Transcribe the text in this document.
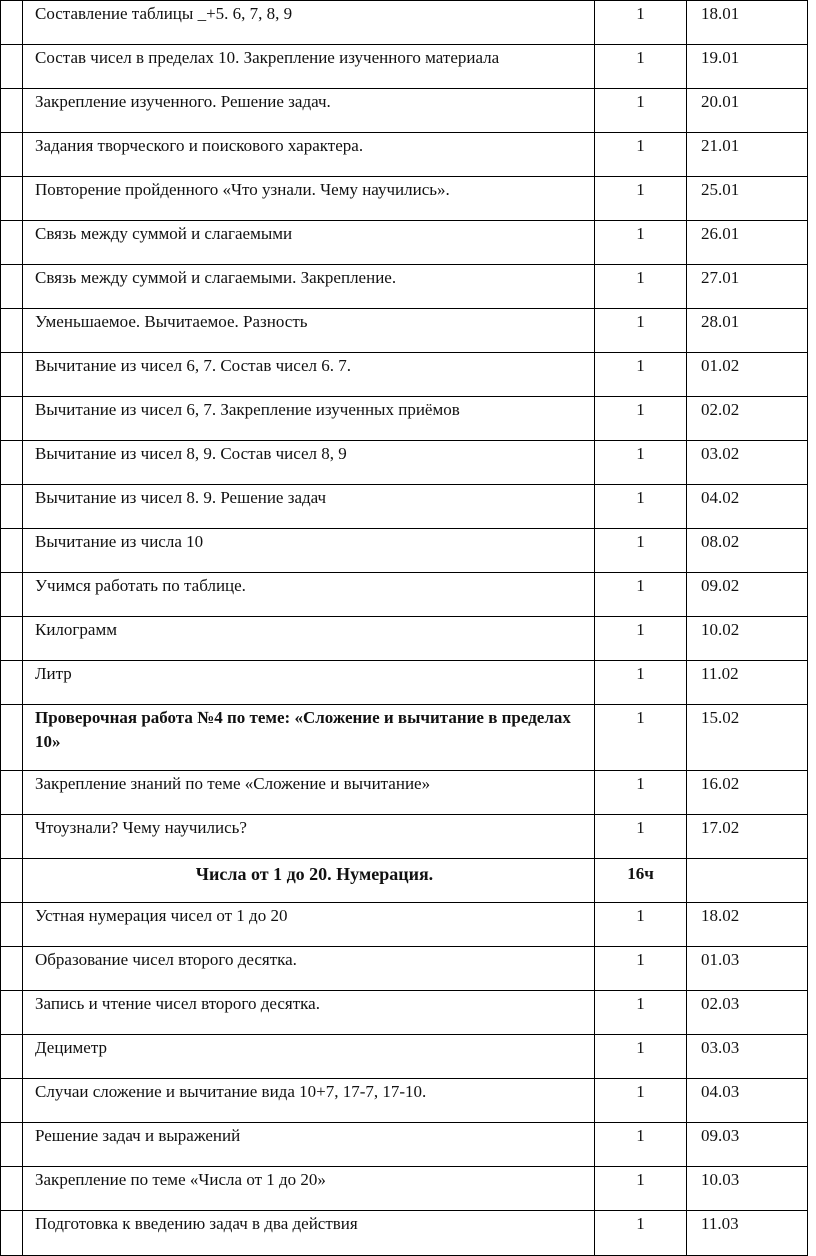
	Составление таблицы _+5. 6, 7, 8, 9	1	18.01
	Состав чисел в пределах 10. Закрепление изученного материала	1	19.01
	Закрепление изученного. Решение задач.	1	20.01
	Задания творческого и поискового характера.	1	21.01
	Повторение пройденного «Что узнали. Чему научились».	1	25.01
	Связь между суммой и слагаемыми	1	26.01
	Связь между суммой и слагаемыми. Закрепление.	1	27.01
	Уменьшаемое. Вычитаемое. Разность	1	28.01
	Вычитание из чисел 6, 7. Состав чисел 6. 7.	1	01.02
	Вычитание из чисел 6, 7. Закрепление изученных приёмов	1	02.02
	Вычитание из чисел 8, 9. Состав чисел 8, 9	1	03.02
	Вычитание из чисел 8. 9. Решение задач	1	04.02
	Вычитание из числа 10	1	08.02
	Учимся работать по таблице.	1	09.02
	Килограмм	1	10.02
	Литр	1	11.02
	Проверочная работа №4 по теме: «Сложение и вычитание в пределах 10»	1	15.02
	Закрепление знаний по теме «Сложение и вычитание»	1	16.02
	Чтоузнали? Чему научились?	1	17.02
	Числа от 1 до 20. Нумерация.	16ч	
	Устная нумерация чисел от 1 до 20	1	18.02
	Образование чисел второго десятка.	1	01.03
	Запись и чтение чисел второго десятка.	1	02.03
	Дециметр	1	03.03
	Случаи сложение и вычитание вида 10+7, 17-7, 17-10.	1	04.03
	Решение задач и выражений	1	09.03
	Закрепление по теме «Числа от 1 до 20»	1	10.03
	Подготовка к введению задач в два действия	1	11.03
